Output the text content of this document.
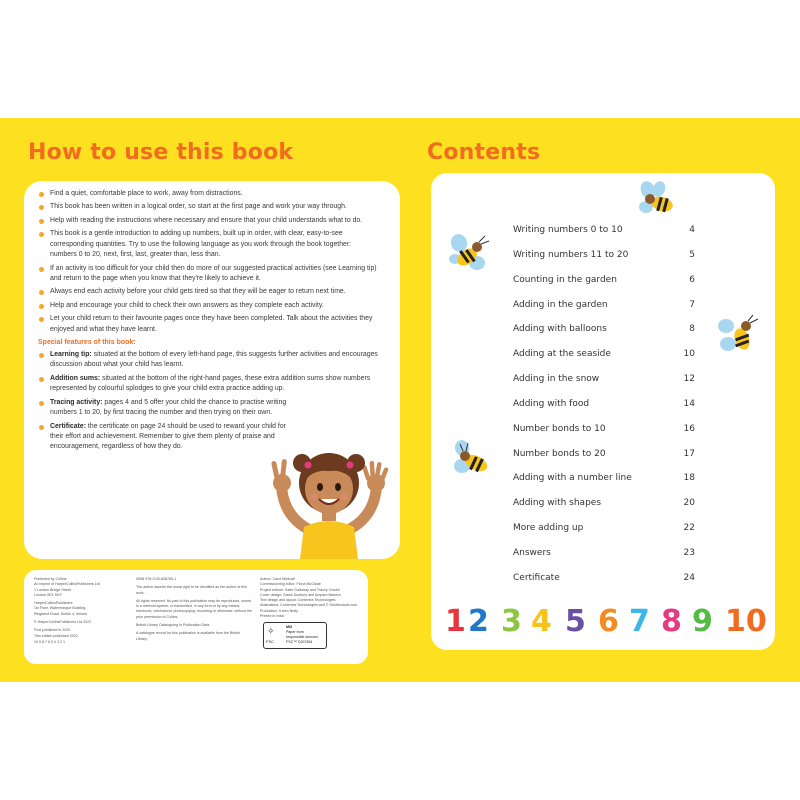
How to use this book
Find a quiet, comfortable place to work, away from distractions.
This book has been written in a logical order, so start at the first page and work your way through.
Help with reading the instructions where necessary and ensure that your child understands what to do.
This book is a gentle introduction to adding up numbers, built up in order, with clear, easy-to-see corresponding quantities. Try to use the following language as you work through the book together: numbers 0 to 20, next, first, last, greater than, less than.
If an activity is too difficult for your child then do more of our suggested practical activities (see Learning tip) and return to the page when you know that they're likely to achieve it.
Always end each activity before your child gets tired so that they will be eager to return next time.
Help and encourage your child to check their own answers as they complete each activity.
Let your child return to their favourite pages once they have been completed. Talk about the activities they enjoyed and what they have learnt.
Special features of this book:
Learning tip: situated at the bottom of every left-hand page, this suggests further activities and encourages discussion about what your child has learnt.
Addition sums: situated at the bottom of the right-hand pages, these extra addition sums show numbers represented by colourful splodges to give your child extra practice adding up.
Tracing activity: pages 4 and 5 offer your child the chance to practise writing numbers 1 to 20, by first tracing the number and then trying on their own.
Certificate: the certificate on page 24 should be used to reward your child for their effort and achievement. Remember to give them plenty of praise and encouragement, regardless of how they do.

Published by Collins
An imprint of HarperCollinsPublishers Ltd
1 London Bridge Street
London SE1 9GF

HarperCollinsPublishers
1st Floor, Watermarque Building,
Ringsend Road, Dublin 4, Ireland

© HarperCollinsPublishers Ltd 2022

First published in 2020
This edition published 2022

10 9 8 7 6 5 4 3 2 1

ISBN 978-0-00-838789-1

The author asserts the moral right to be identified as the author of this work.

All rights reserved. No part of this publication may be reproduced, stored in a retrieval system, or transmitted, in any form or by any means, electronic, mechanical, photocopying, recording or otherwise, without the prior permission of Collins.

British Library Cataloguing in Publication Data

A catalogue record for this publication is available from the British Library.

Author: Carol Medcalf
Commissioning editor: Fiona McGlade
Project editors: Katie Galloway and Tracey Cowell
Cover design: Sarah Duxbury and Amparo Barrera
Text design and layout: Contentra Technologies
Illustrations: Contentra Technologies and © Shutterstock.com
Production: Karen Nulty
Printed in India

✧
FSC
MIX
Paper from
responsible sources
FSC™ C007454
Contents
Writing numbers 0 to 10	4
Writing numbers 11 to 20	5
Counting in the garden	6
Adding in the garden	7
Adding with balloons	8
Adding at the seaside	10
Adding in the snow	12
Adding with food	14
Number bonds to 10	16
Number bonds to 20	17
Adding with a number line	18
Adding with shapes	20
More adding up	22
Answers	23
Certificate	24
1 2 3 4 5 6 7 8 9 10
